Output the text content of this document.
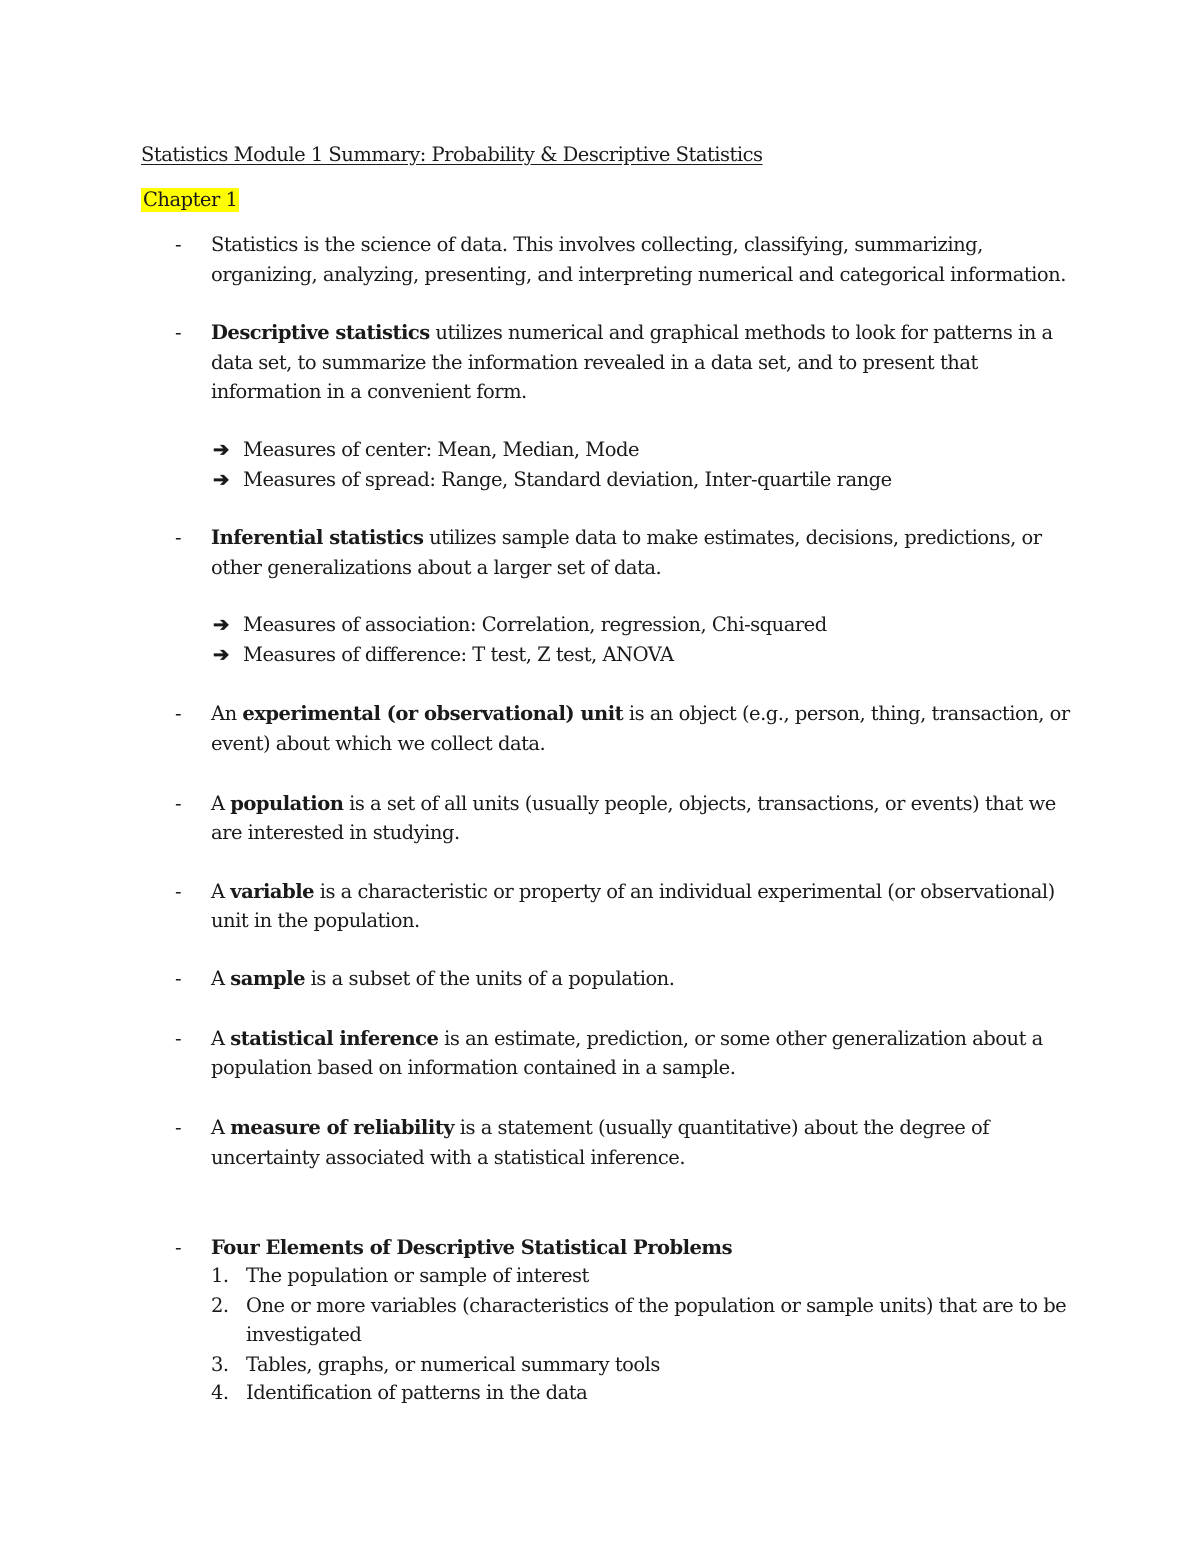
Statistics Module 1 Summary: Probability & Descriptive Statistics
Chapter 1
- Statistics is the science of data. This involves collecting, classifying, summarizing,
organizing, analyzing, presenting, and interpreting numerical and categorical information.
- Descriptive statistics utilizes numerical and graphical methods to look for patterns in a
data set, to summarize the information revealed in a data set, and to present that
information in a convenient form.
➔ Measures of center: Mean, Median, Mode
➔ Measures of spread: Range, Standard deviation, Inter-quartile range
- Inferential statistics utilizes sample data to make estimates, decisions, predictions, or
other generalizations about a larger set of data.
➔ Measures of association: Correlation, regression, Chi-squared
➔ Measures of difference: T test, Z test, ANOVA
- An experimental (or observational) unit is an object (e.g., person, thing, transaction, or
event) about which we collect data.
- A population is a set of all units (usually people, objects, transactions, or events) that we
are interested in studying.
- A variable is a characteristic or property of an individual experimental (or observational)
unit in the population.
- A sample is a subset of the units of a population.
- A statistical inference is an estimate, prediction, or some other generalization about a
population based on information contained in a sample.
- A measure of reliability is a statement (usually quantitative) about the degree of
uncertainty associated with a statistical inference.
- Four Elements of Descriptive Statistical Problems
1. The population or sample of interest
2. One or more variables (characteristics of the population or sample units) that are to be
investigated
3. Tables, graphs, or numerical summary tools
4. Identification of patterns in the data
